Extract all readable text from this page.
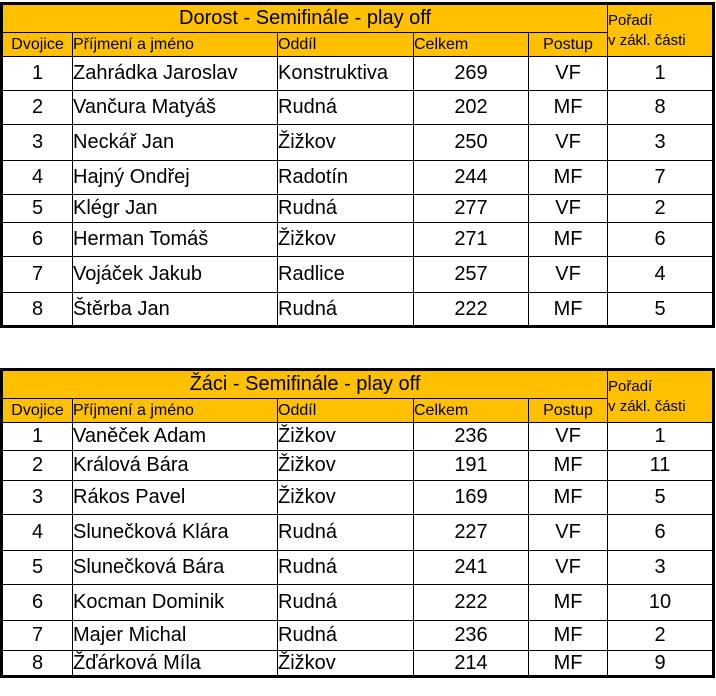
Dorost - Semifinále - play off					Pořadí
v zákl. části

Dvojice	Příjmení a jméno	Oddíl	Celkem	Postup	
1	Zahrádka Jaroslav	Konstruktiva	269	VF	1
2	Vančura Matyáš	Rudná	202	MF	8
3	Neckář Jan	Žižkov	250	VF	3
4	Hajný Ondřej	Radotín	244	MF	7
5	Klégr Jan	Rudná	277	VF	2
6	Herman Tomáš	Žižkov	271	MF	6
7	Vojáček Jakub	Radlice	257	VF	4
8	Štěrba Jan	Rudná	222	MF	5
Žáci - Semifinále - play off					Pořadí
v zákl. části

Dvojice	Příjmení a jméno	Oddíl	Celkem	Postup	
1	Vaněček Adam	Žižkov	236	VF	1
2	Králová Bára	Žižkov	191	MF	11
3	Rákos Pavel	Žižkov	169	MF	5
4	Slunečková Klára	Rudná	227	VF	6
5	Slunečková Bára	Rudná	241	VF	3
6	Kocman Dominik	Rudná	222	MF	10
7	Majer Michal	Rudná	236	MF	2
8	Žďárková Míla	Žižkov	214	MF	9
